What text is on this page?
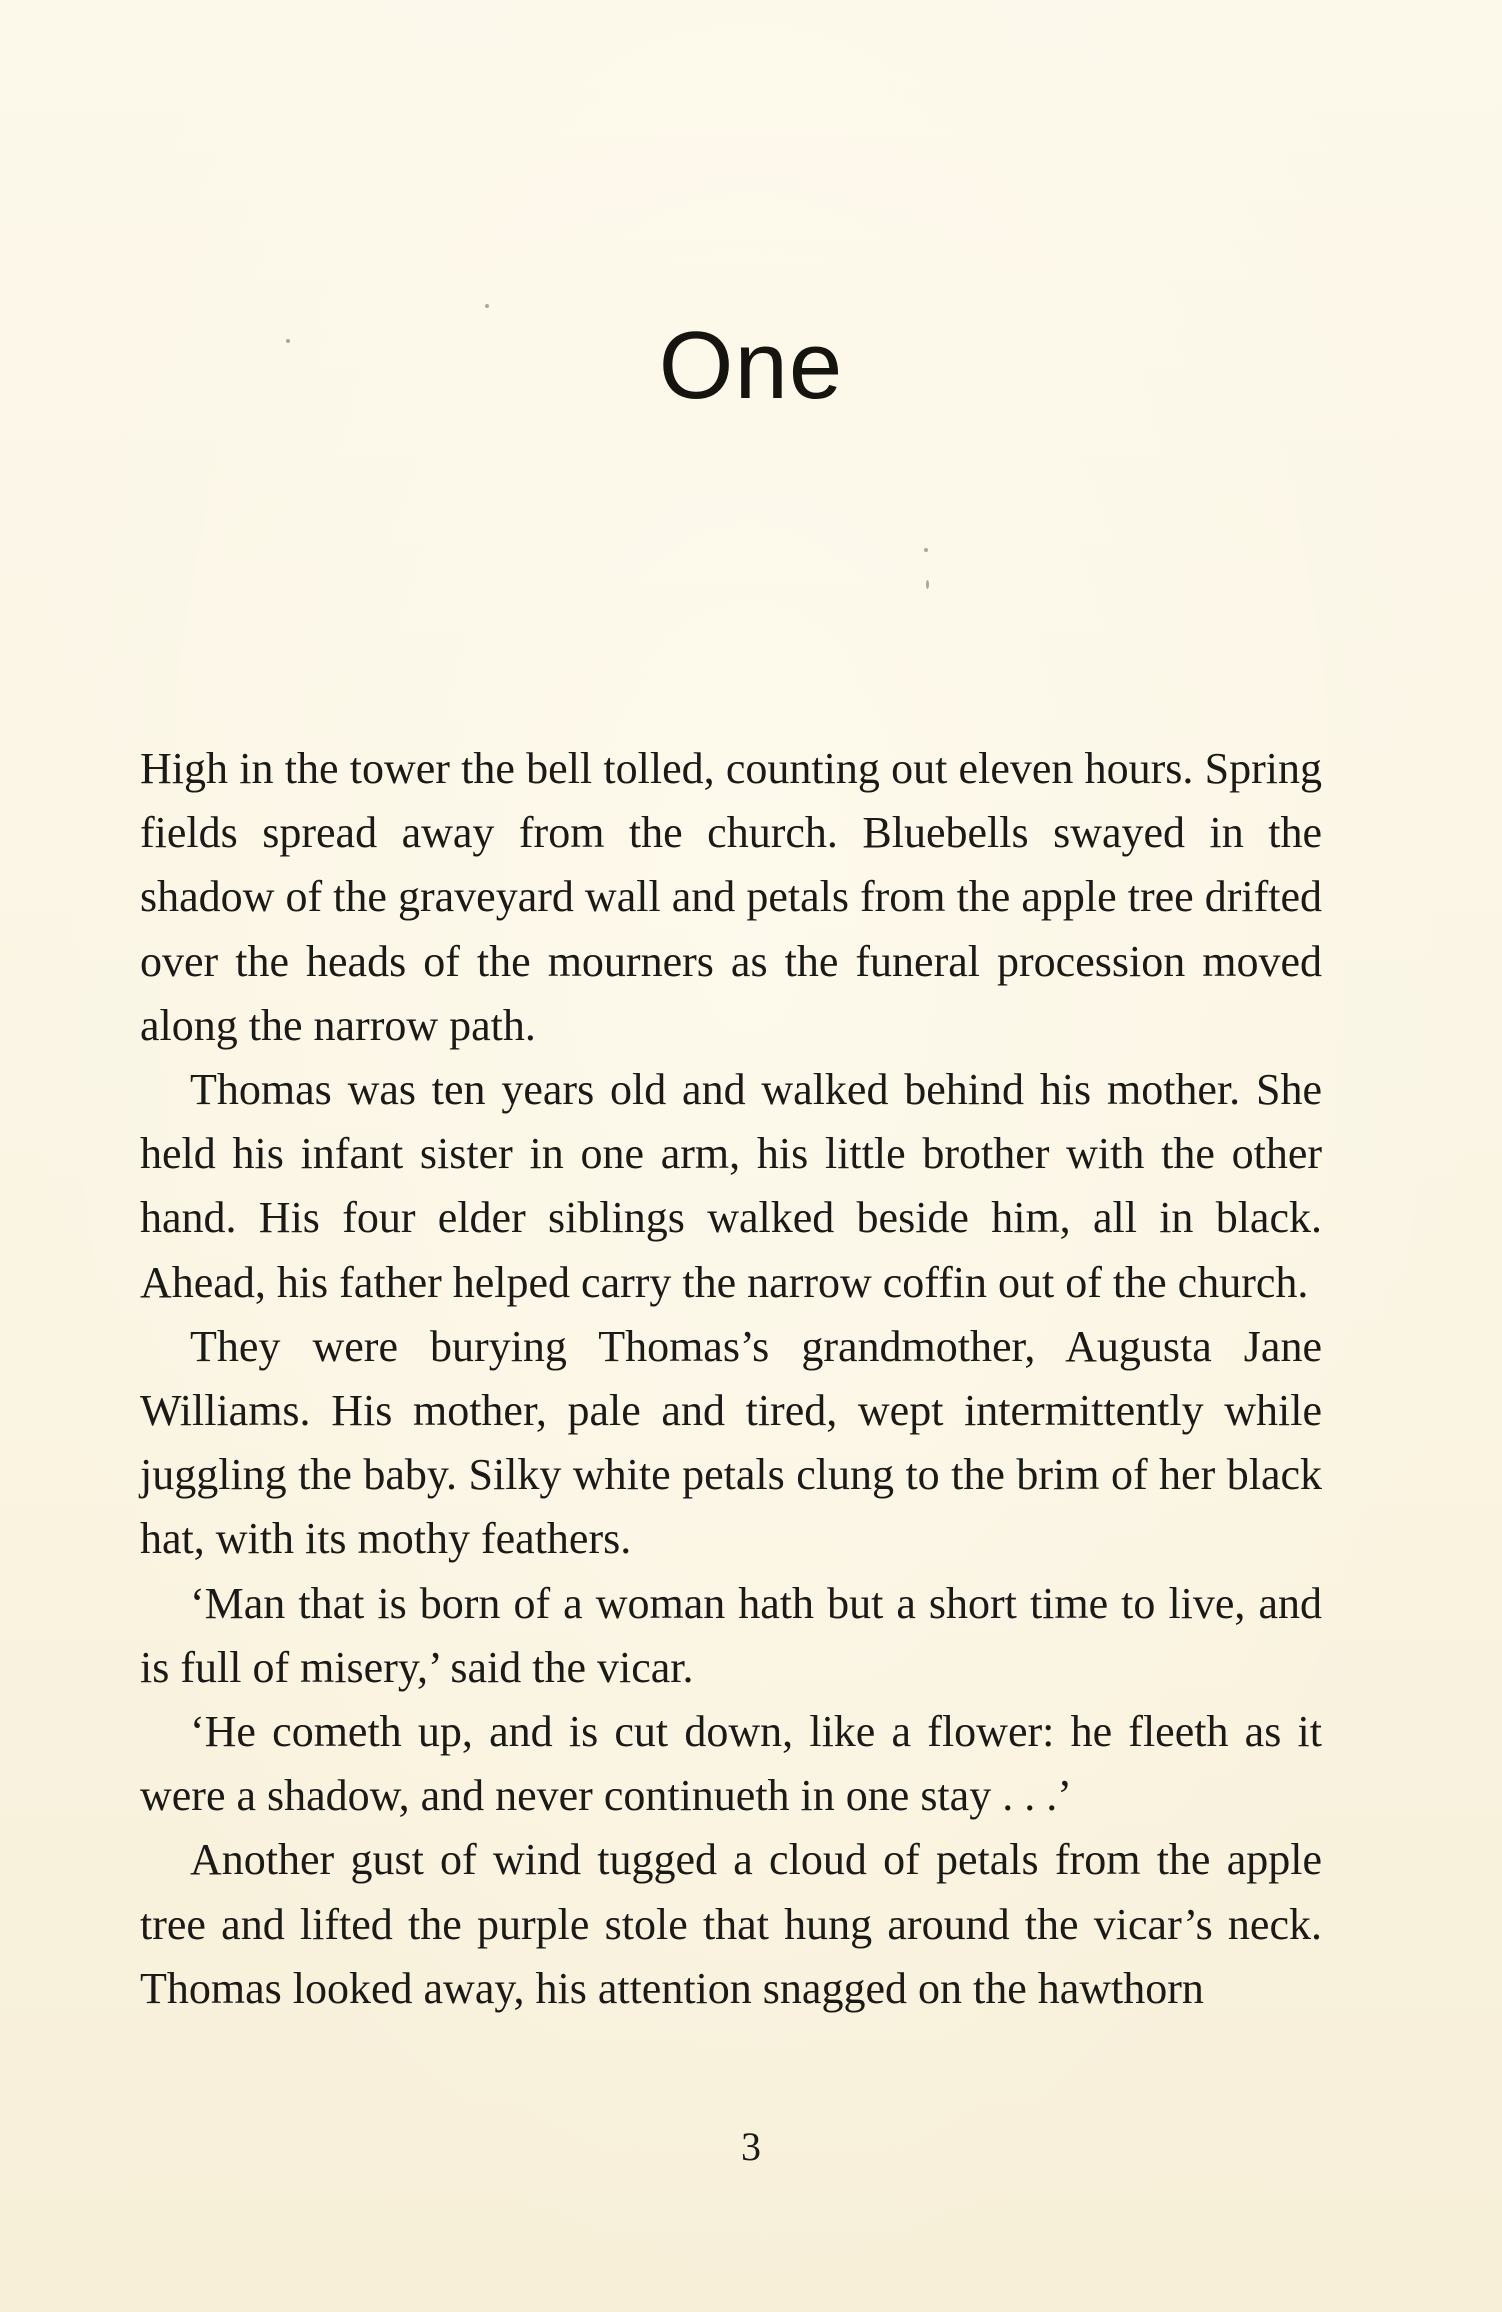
One

High in the tower the bell tolled, counting out eleven hours. Spring fields spread away from the church. Bluebells swayed in the shadow of the graveyard wall and petals from the apple tree drifted over the heads of the mourners as the funeral procession moved along the narrow path.

Thomas was ten years old and walked behind his mother. She held his infant sister in one arm, his little brother with the other hand. His four elder siblings walked beside him, all in black. Ahead, his father helped carry the narrow coffin out of the church.

They were burying Thomas’s grandmother, Augusta Jane Williams. His mother, pale and tired, wept intermittently while juggling the baby. Silky white petals clung to the brim of her black hat, with its mothy feathers.

‘Man that is born of a woman hath but a short time to live, and is full of misery,’ said the vicar.

‘He cometh up, and is cut down, like a flower: he fleeth as it were a shadow, and never continueth in one stay . . .’

Another gust of wind tugged a cloud of petals from the apple tree and lifted the purple stole that hung around the vicar’s neck. Thomas looked away, his attention snagged on the hawthorn

3
